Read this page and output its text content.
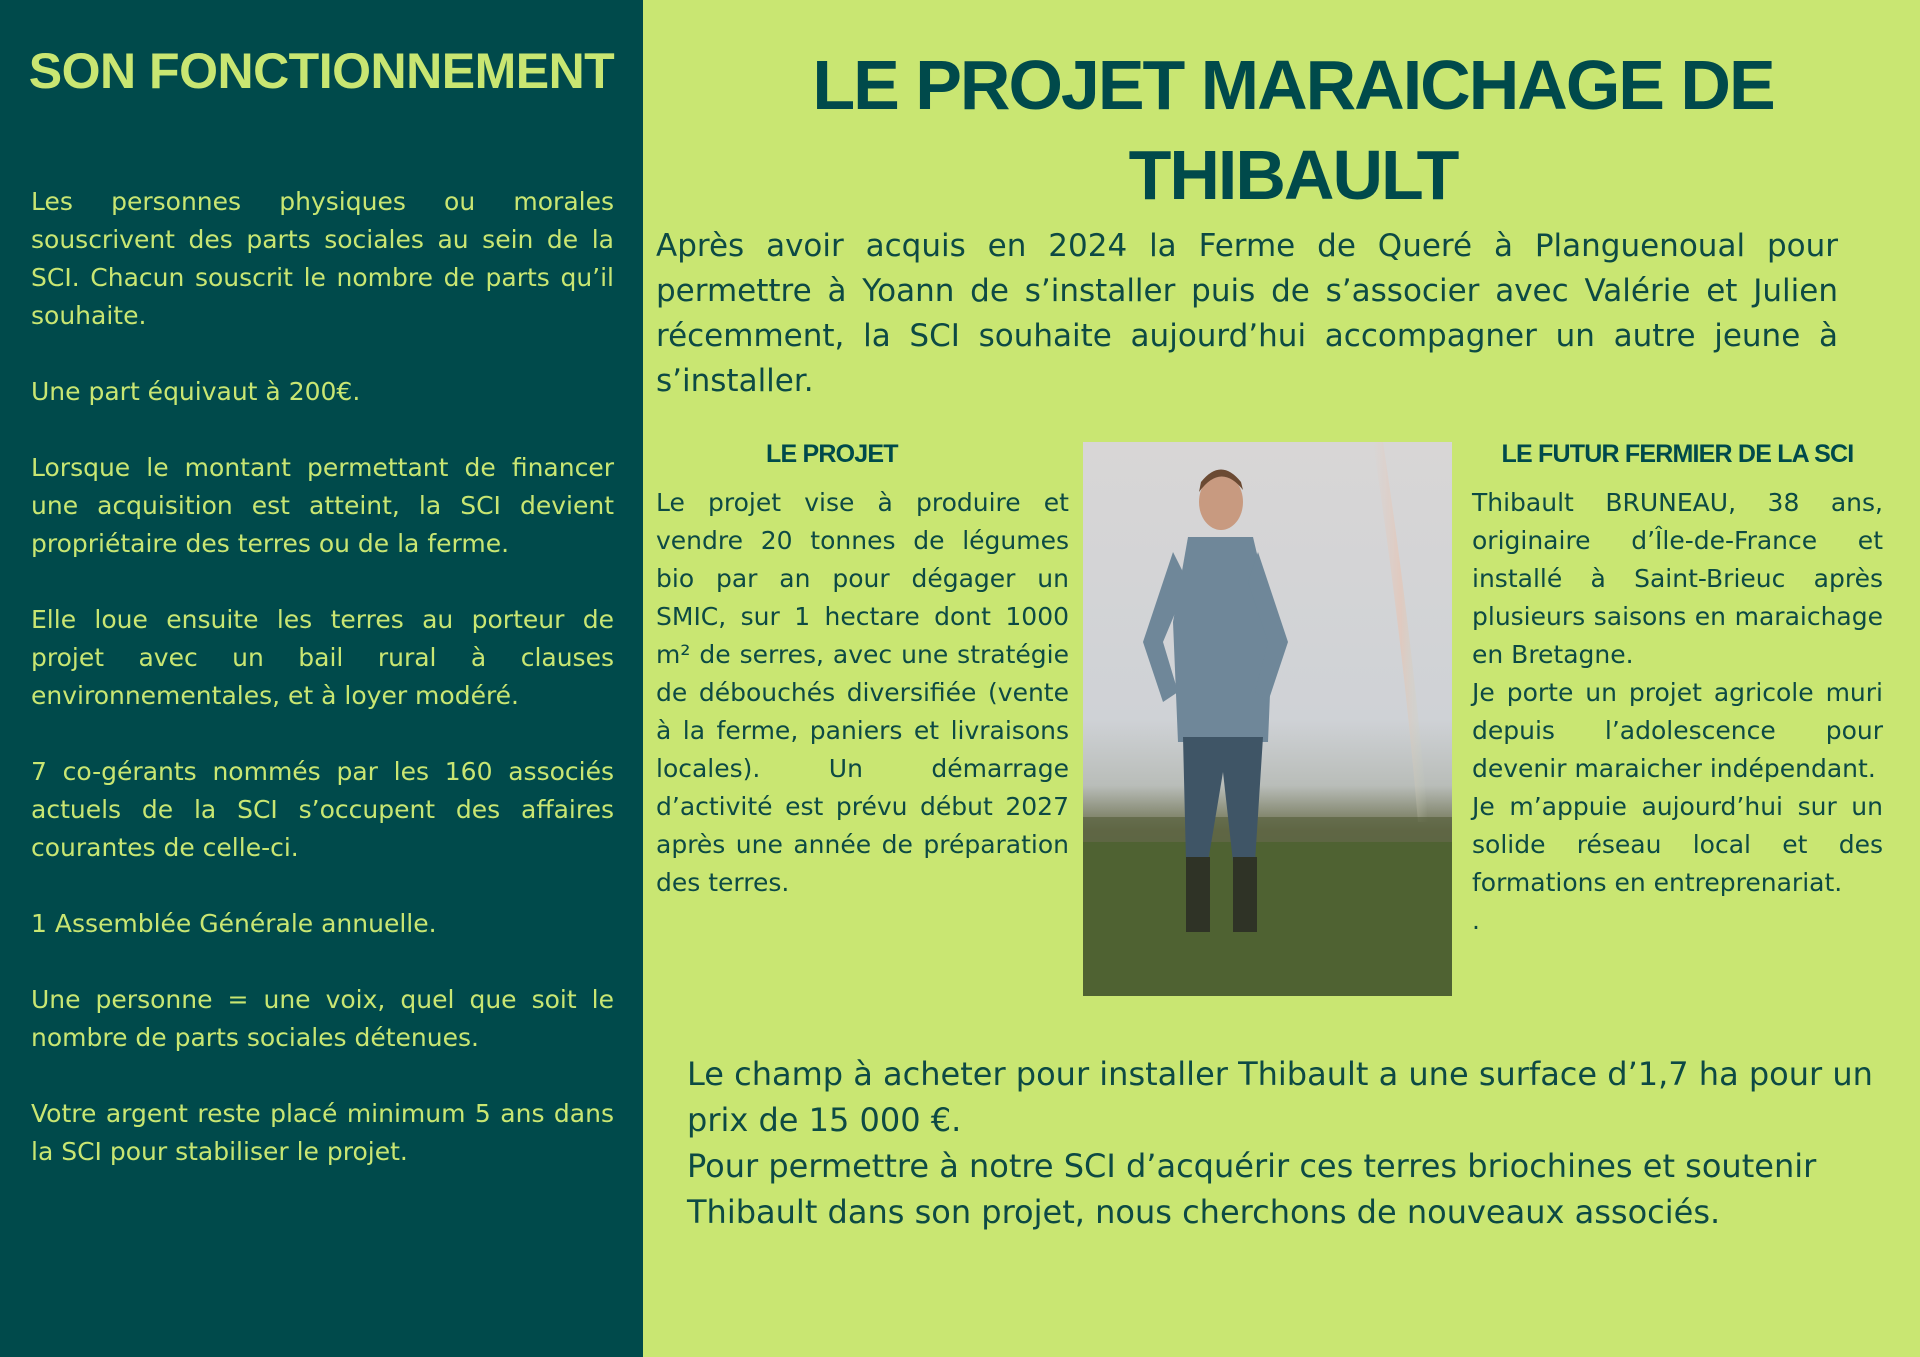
SON FONCTIONNEMENT

Les personnes physiques ou morales souscrivent des parts sociales au sein de la SCI. Chacun souscrit le nombre de parts qu’il souhaite.

Une part équivaut à 200€.

Lorsque le montant permettant de financer une acquisition est atteint, la SCI devient propriétaire des terres ou de la ferme.

Elle loue ensuite les terres au porteur de projet avec un bail rural à clauses environnementales, et à loyer modéré.

7 co-gérants nommés par les 160 associés actuels de la SCI s’occupent des affaires courantes de celle-ci.

1 Assemblée Générale annuelle.

Une personne = une voix, quel que soit le nombre de parts sociales détenues.

Votre argent reste placé minimum 5 ans dans la SCI pour stabiliser le projet.

LE PROJET MARAICHAGE DE THIBAULT

Après avoir acquis en 2024 la Ferme de Queré à Planguenoual pour permettre à Yoann de s’installer puis de s’associer avec Valérie et Julien récemment, la SCI souhaite aujourd’hui accompagner un autre jeune à s’installer.

LE PROJET

Le projet vise à produire et vendre 20 tonnes de légumes bio par an pour dégager un SMIC, sur 1 hectare dont 1000 m² de serres, avec une stratégie de débouchés diversifiée (vente à la ferme, paniers et livraisons locales). Un démarrage d’activité est prévu début 2027 après une année de préparation des terres.

LE FUTUR FERMIER DE LA SCI

Thibault BRUNEAU, 38 ans, originaire d’Île-de-France et installé à Saint-Brieuc après plusieurs saisons en maraichage en Bretagne.

Je porte un projet agricole muri depuis l’adolescence pour devenir maraicher indépendant.

Je m’appuie aujourd’hui sur un solide réseau local et des formations en entreprenariat.

.

Le champ à acheter pour installer Thibault a une surface d’1,7 ha pour un prix de 15 000 €.

Pour permettre à notre SCI d’acquérir ces terres briochines et soutenir Thibault dans son projet, nous cherchons de nouveaux associés.
